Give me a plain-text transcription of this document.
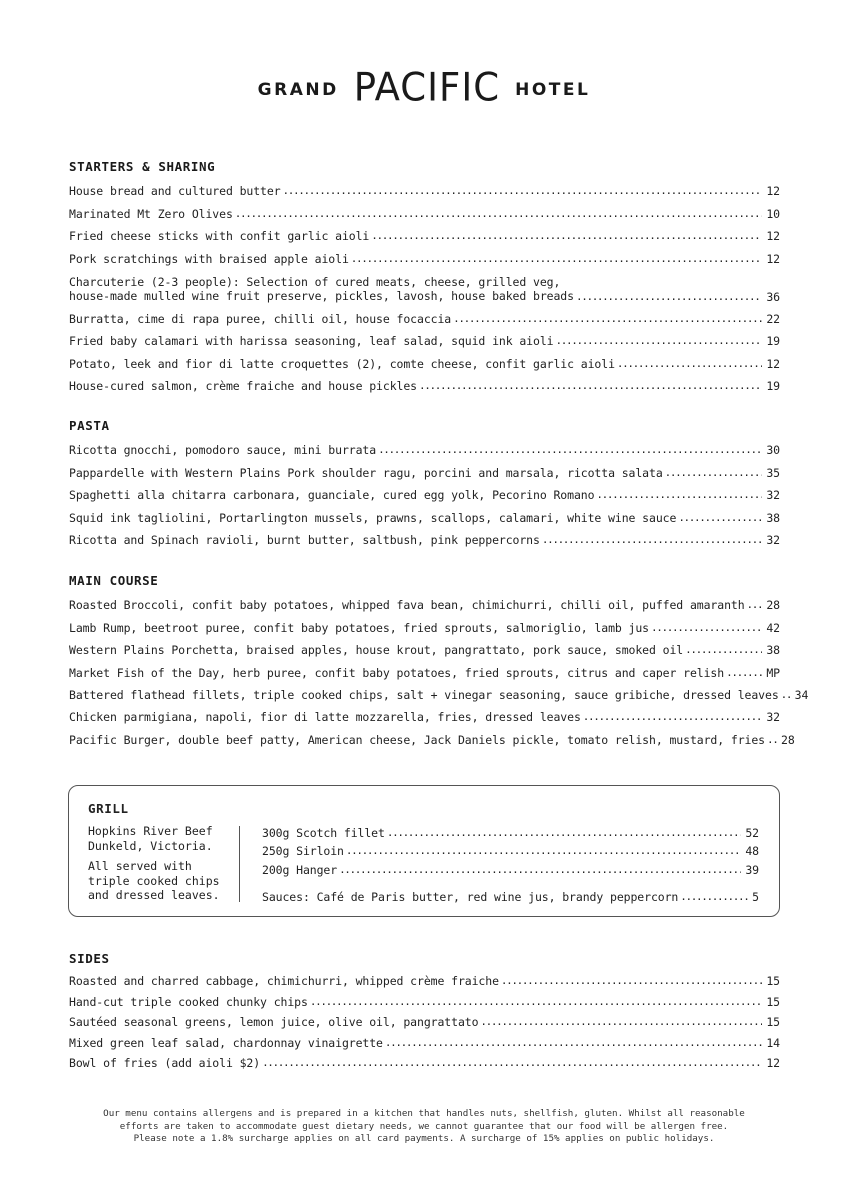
GRAND PACIFIC HOTEL
STARTERS & SHARING
House bread and cultured butter . . .	12
Marinated Mt Zero Olives . . .	10
Fried cheese sticks with confit garlic aioli . . .	12
Pork scratchings with braised apple aioli . . .	12
Charcuterie (2-3 people): Selection of cured meats, cheese, grilled veg,
house-made mulled wine fruit preserve, pickles, lavosh, house baked breads . . .	36
Burratta, cime di rapa puree, chilli oil, house focaccia . . .	22
Fried baby calamari with harissa seasoning, leaf salad, squid ink aioli . . .	19
Potato, leek and fior di latte croquettes (2), comte cheese, confit garlic aioli . . .	12
House-cured salmon, crème fraiche and house pickles . . .	19
PASTA
Ricotta gnocchi, pomodoro sauce, mini burrata . . .	30
Pappardelle with Western Plains Pork shoulder ragu, porcini and marsala, ricotta salata . . .	35
Spaghetti alla chitarra carbonara, guanciale, cured egg yolk, Pecorino Romano . . .	32
Squid ink tagliolini, Portarlington mussels, prawns, scallops, calamari, white wine sauce . . .	38
Ricotta and Spinach ravioli, burnt butter, saltbush, pink peppercorns . . .	32
MAIN COURSE
Roasted Broccoli, confit baby potatoes, whipped fava bean, chimichurri, chilli oil, puffed amaranth . . .	28
Lamb Rump, beetroot puree, confit baby potatoes, fried sprouts, salmoriglio, lamb jus . . .	42
Western Plains Porchetta, braised apples, house krout, pangrattato, pork sauce, smoked oil . . .	38
Market Fish of the Day, herb puree, confit baby potatoes, fried sprouts, citrus and caper relish . . .	MP
Battered flathead fillets, triple cooked chips, salt + vinegar seasoning, sauce gribiche, dressed leaves . . .	34
Chicken parmigiana, napoli, fior di latte mozzarella, fries, dressed leaves . . .	32
Pacific Burger, double beef patty, American cheese, Jack Daniels pickle, tomato relish, mustard, fries . . .	28
GRILL

Hopkins River Beef
Dunkeld, Victoria.

All served with
triple cooked chips
and dressed leaves.

300g Scotch fillet . . .	52
250g Sirloin . . .	48
200g Hanger . . .	39
Sauces: Café de Paris butter, red wine jus, brandy peppercorn . . .	5
SIDES
Roasted and charred cabbage, chimichurri, whipped crème fraiche . . .	15
Hand-cut triple cooked chunky chips . . .	15
Sautéed seasonal greens, lemon juice, olive oil, pangrattato . . .	15
Mixed green leaf salad, chardonnay vinaigrette . . .	14
Bowl of fries (add aioli $2) . . .	12
Our menu contains allergens and is prepared in a kitchen that handles nuts, shellfish, gluten. Whilst all reasonable
efforts are taken to accommodate guest dietary needs, we cannot guarantee that our food will be allergen free.
Please note a 1.8% surcharge applies on all card payments. A surcharge of 15% applies on public holidays.
